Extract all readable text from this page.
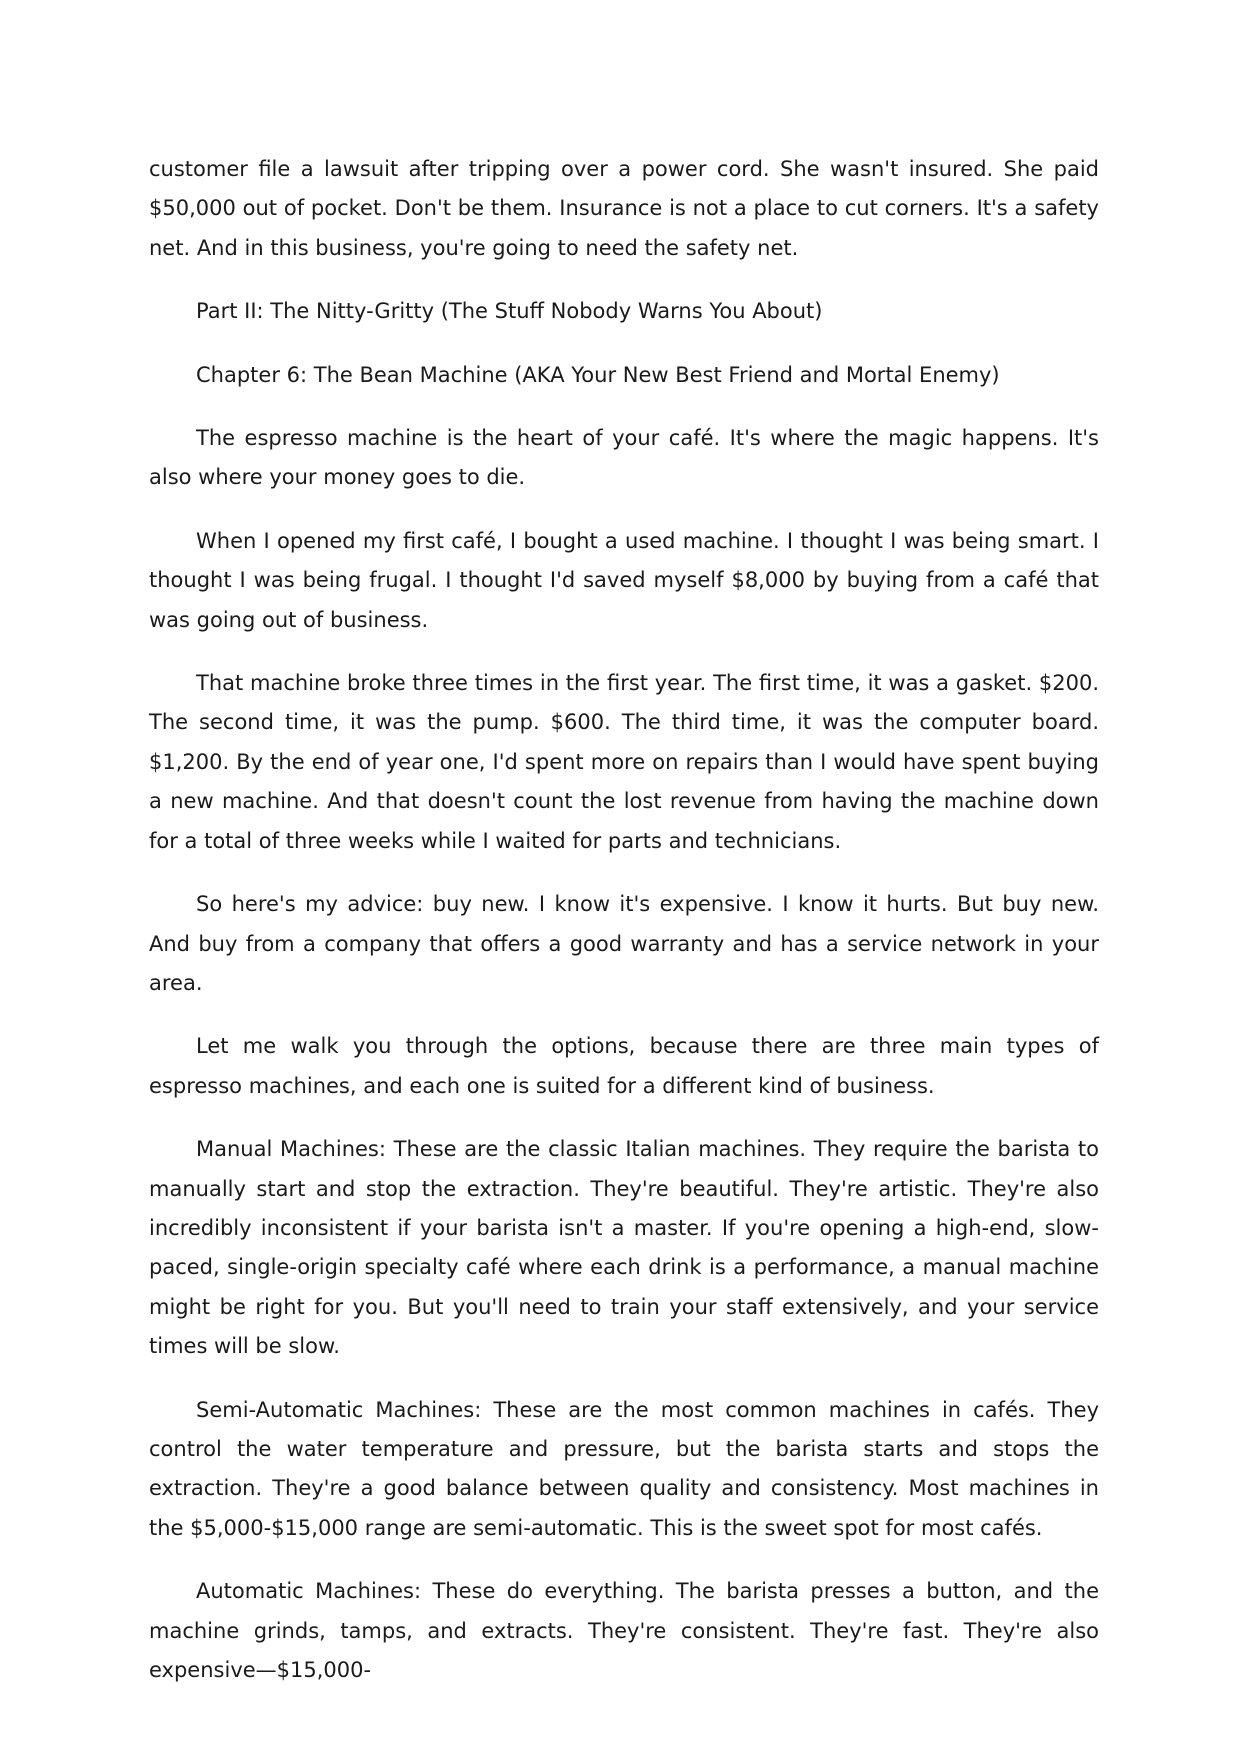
customer file a lawsuit after tripping over a power cord. She wasn't insured. She paid $50,000 out of pocket. Don't be them. Insurance is not a place to cut corners. It's a safety net. And in this business, you're going to need the safety net.

Part II: The Nitty-Gritty (The Stuff Nobody Warns You About)

Chapter 6: The Bean Machine (AKA Your New Best Friend and Mortal Enemy)

The espresso machine is the heart of your café. It's where the magic happens. It's also where your money goes to die.

When I opened my first café, I bought a used machine. I thought I was being smart. I thought I was being frugal. I thought I'd saved myself $8,000 by buying from a café that was going out of business.

That machine broke three times in the first year. The first time, it was a gasket. $200. The second time, it was the pump. $600. The third time, it was the computer board. $1,200. By the end of year one, I'd spent more on repairs than I would have spent buying a new machine. And that doesn't count the lost revenue from having the machine down for a total of three weeks while I waited for parts and technicians.

So here's my advice: buy new. I know it's expensive. I know it hurts. But buy new. And buy from a company that offers a good warranty and has a service network in your area.

Let me walk you through the options, because there are three main types of espresso machines, and each one is suited for a different kind of business.

Manual Machines: These are the classic Italian machines. They require the barista to manually start and stop the extraction. They're beautiful. They're artistic. They're also incredibly inconsistent if your barista isn't a master. If you're opening a high-end, slow-paced, single-origin specialty café where each drink is a performance, a manual machine might be right for you. But you'll need to train your staff extensively, and your service times will be slow.

Semi-Automatic Machines: These are the most common machines in cafés. They control the water temperature and pressure, but the barista starts and stops the extraction. They're a good balance between quality and consistency. Most machines in the $5,000-$15,000 range are semi-automatic. This is the sweet spot for most cafés.

Automatic Machines: These do everything. The barista presses a button, and the machine grinds, tamps, and extracts. They're consistent. They're fast. They're also expensive—$15,000-
